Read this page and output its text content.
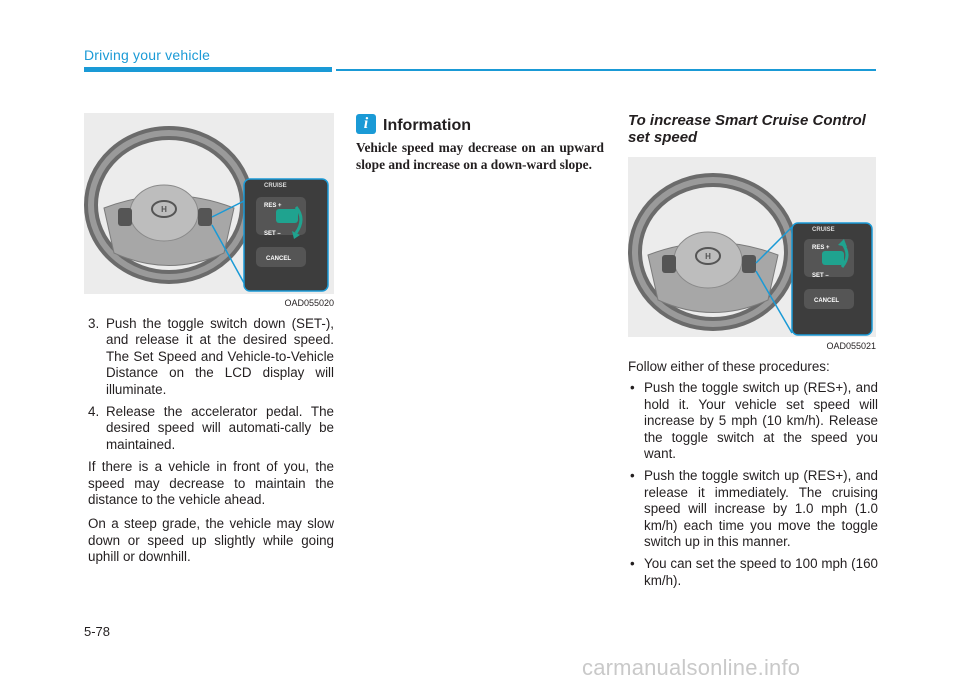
Driving your vehicle
H
CRUISE
RES +
SET –
CANCEL
OAD055020
3. Push the toggle switch down (SET-), and release it at the desired speed. The Set Speed and Vehicle-to-Vehicle Distance on the LCD display will illuminate.
4. Release the accelerator pedal. The desired speed will automati-cally be maintained.

If there is a vehicle in front of you, the speed may decrease to maintain the distance to the vehicle ahead.

On a steep grade, the vehicle may slow down or speed up slightly while going uphill or downhill.

i Information
Vehicle speed may decrease on an upward slope and increase on a down-ward slope.
To increase Smart Cruise Control set speed
H
CRUISE
RES +
SET –
CANCEL
OAD055021

Follow either of these procedures:

• Push the toggle switch up (RES+), and hold it. Your vehicle set speed will increase by 5 mph (10 km/h). Release the toggle switch at the speed you want.
• Push the toggle switch up (RES+), and release it immediately. The cruising speed will increase by 1.0 mph (1.0 km/h) each time you move the toggle switch up in this manner.
• You can set the speed to 100 mph (160 km/h).
5-78
carmanualsonline.info
